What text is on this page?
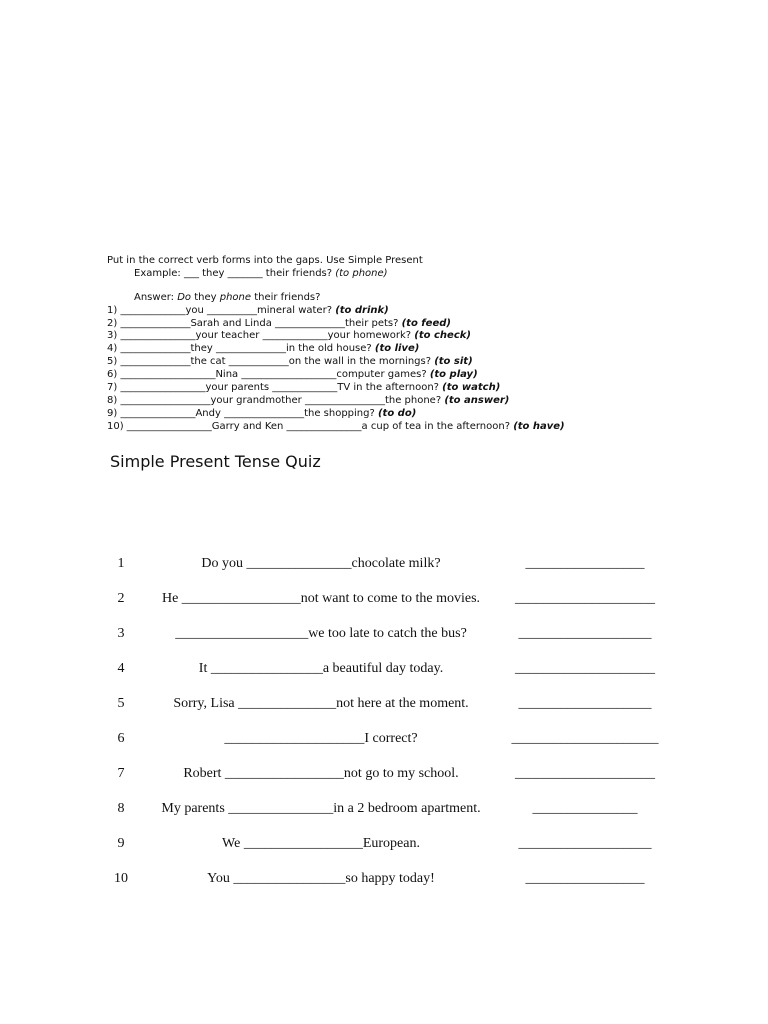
Put in the correct verb forms into the gaps. Use Simple Present
Example: ___ they _______ their friends? (to phone)
Answer: Do they phone their friends?
1) _____________you __________mineral water? (to drink)
2) ______________Sarah and Linda ______________their pets? (to feed)
3) _______________your teacher _____________your homework? (to check)
4) ______________they ______________in the old house? (to live)
5) ______________the cat ____________on the wall in the mornings? (to sit)
6) ___________________Nina ___________________computer games? (to play)
7) _________________your parents _____________TV in the afternoon? (to watch)
8) __________________your grandmother ________________the phone? (to answer)
9) _______________Andy ________________the shopping? (to do)
10) _________________Garry and Ken _______________a cup of tea in the afternoon? (to have)
Simple Present Tense Quiz
1	Do you _______________chocolate milk?	_________________
2	He _________________not want to come to the movies.	____________________
3	___________________we too late to catch the bus?	___________________
4	It ________________a beautiful day today.	____________________
5	Sorry, Lisa ______________not here at the moment.	___________________
6	____________________I correct?	_____________________
7	Robert _________________not go to my school.	____________________
8	My parents _______________in a 2 bedroom apartment.	_______________
9	We _________________European.	___________________
10	You ________________so happy today!	_________________
